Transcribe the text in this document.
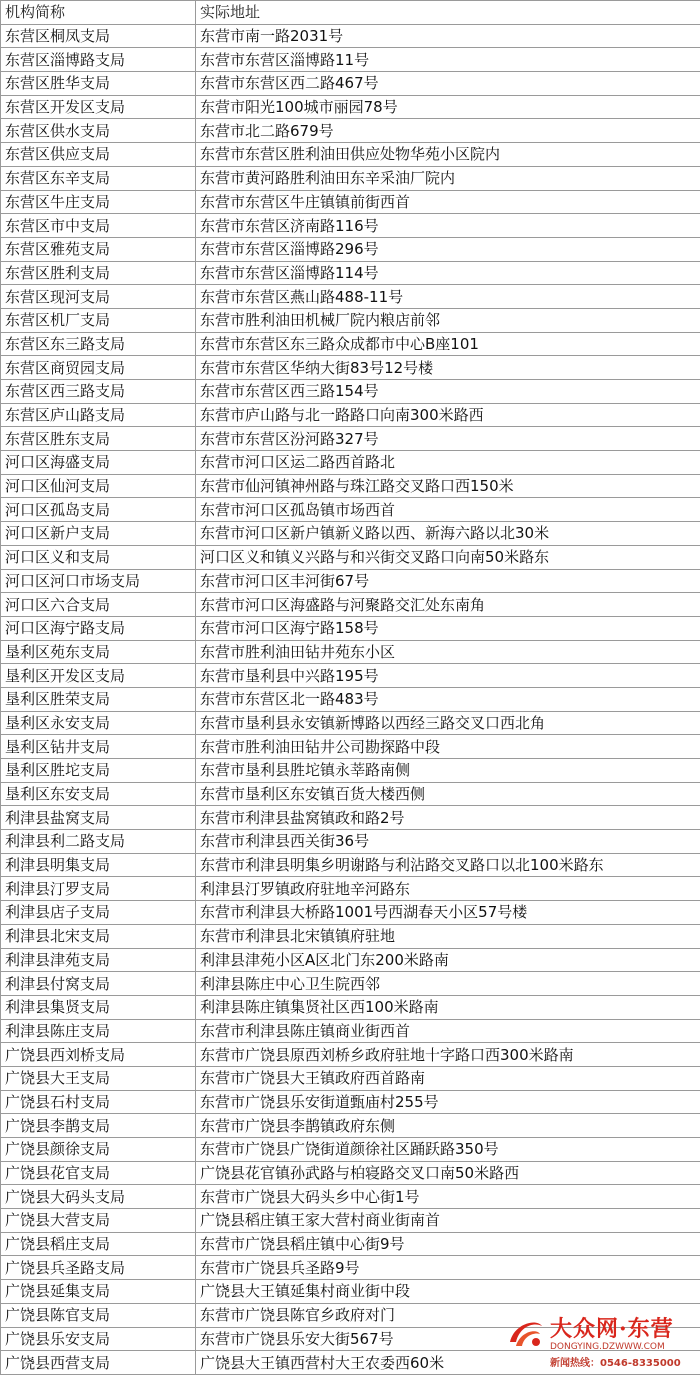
机构简称	实际地址
东营区桐凤支局	东营市南一路2031号
东营区淄博路支局	东营市东营区淄博路11号
东营区胜华支局	东营市东营区西二路467号
东营区开发区支局	东营市阳光100城市丽园78号
东营区供水支局	东营市北二路679号
东营区供应支局	东营市东营区胜利油田供应处物华苑小区院内
东营区东辛支局	东营市黄河路胜利油田东辛采油厂院内
东营区牛庄支局	东营市东营区牛庄镇镇前街西首
东营区市中支局	东营市东营区济南路116号
东营区雅苑支局	东营市东营区淄博路296号
东营区胜利支局	东营市东营区淄博路114号
东营区现河支局	东营市东营区燕山路488-11号
东营区机厂支局	东营市胜利油田机械厂院内粮店前邻
东营区东三路支局	东营市东营区东三路众成都市中心B座101
东营区商贸园支局	东营市东营区华纳大街83号12号楼
东营区西三路支局	东营市东营区西三路154号
东营区庐山路支局	东营市庐山路与北一路路口向南300米路西
东营区胜东支局	东营市东营区汾河路327号
河口区海盛支局	东营市河口区运二路西首路北
河口区仙河支局	东营市仙河镇神州路与珠江路交叉路口西150米
河口区孤岛支局	东营市河口区孤岛镇市场西首
河口区新户支局	东营市河口区新户镇新义路以西、新海六路以北30米
河口区义和支局	河口区义和镇义兴路与和兴街交叉路口向南50米路东
河口区河口市场支局	东营市河口区丰河街67号
河口区六合支局	东营市河口区海盛路与河聚路交汇处东南角
河口区海宁路支局	东营市河口区海宁路158号
垦利区苑东支局	东营市胜利油田钻井苑东小区
垦利区开发区支局	东营市垦利县中兴路195号
垦利区胜荣支局	东营市东营区北一路483号
垦利区永安支局	东营市垦利县永安镇新博路以西经三路交叉口西北角
垦利区钻井支局	东营市胜利油田钻井公司勘探路中段
垦利区胜坨支局	东营市垦利县胜坨镇永莘路南侧
垦利区东安支局	东营市垦利区东安镇百货大楼西侧
利津县盐窝支局	东营市利津县盐窝镇政和路2号
利津县利二路支局	东营市利津县西关街36号
利津县明集支局	东营市利津县明集乡明谢路与利沾路交叉路口以北100米路东
利津县汀罗支局	利津县汀罗镇政府驻地辛河路东
利津县店子支局	东营市利津县大桥路1001号西湖春天小区57号楼
利津县北宋支局	东营市利津县北宋镇镇府驻地
利津县津苑支局	利津县津苑小区A区北门东200米路南
利津县付窝支局	利津县陈庄中心卫生院西邻
利津县集贤支局	利津县陈庄镇集贤社区西100米路南
利津县陈庄支局	东营市利津县陈庄镇商业街西首
广饶县西刘桥支局	东营市广饶县原西刘桥乡政府驻地十字路口西300米路南
广饶县大王支局	东营市广饶县大王镇政府西首路南
广饶县石村支局	东营市广饶县乐安街道甄庙村255号
广饶县李鹊支局	东营市广饶县李鹊镇政府东侧
广饶县颜徐支局	东营市广饶县广饶街道颜徐社区踊跃路350号
广饶县花官支局	广饶县花官镇孙武路与柏寝路交叉口南50米路西
广饶县大码头支局	东营市广饶县大码头乡中心街1号
广饶县大营支局	广饶县稻庄镇王家大营村商业街南首
广饶县稻庄支局	东营市广饶县稻庄镇中心街9号
广饶县兵圣路支局	东营市广饶县兵圣路9号
广饶县延集支局	广饶县大王镇延集村商业街中段
广饶县陈官支局	东营市广饶县陈官乡政府对门
广饶县乐安支局	东营市广饶县乐安大街567号
广饶县西营支局	广饶县大王镇西营村大王农委西60米
大众网·东营
DONGYING.DZWWW.COM
新闻热线：0546-8335000
